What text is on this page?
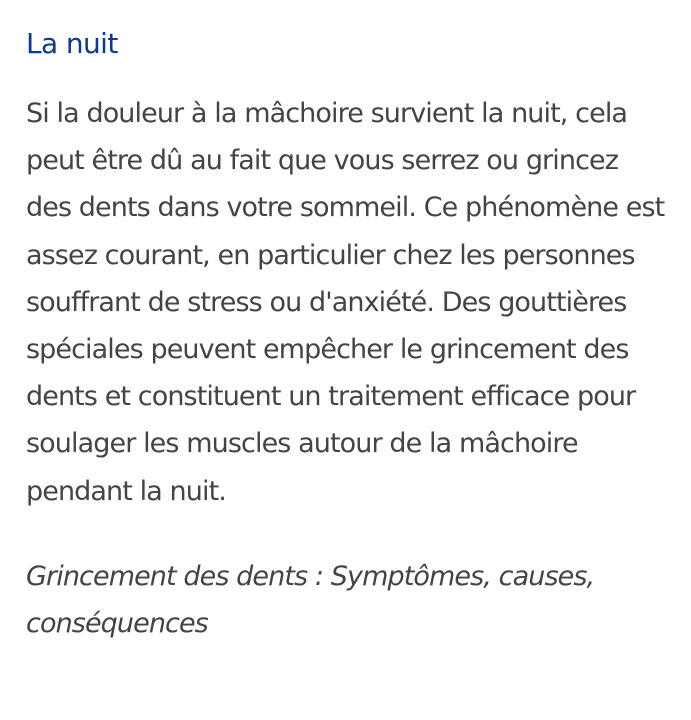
La nuit

Si la douleur à la mâchoire survient la nuit, cela peut être dû au fait que vous serrez ou grincez des dents dans votre sommeil. Ce phénomène est assez courant, en particulier chez les personnes souffrant de stress ou d'anxiété. Des gouttières spéciales peuvent empêcher le grincement des dents et constituent un traitement efficace pour soulager les muscles autour de la mâchoire pendant la nuit.

Grincement des dents : Symptômes, causes, conséquences
